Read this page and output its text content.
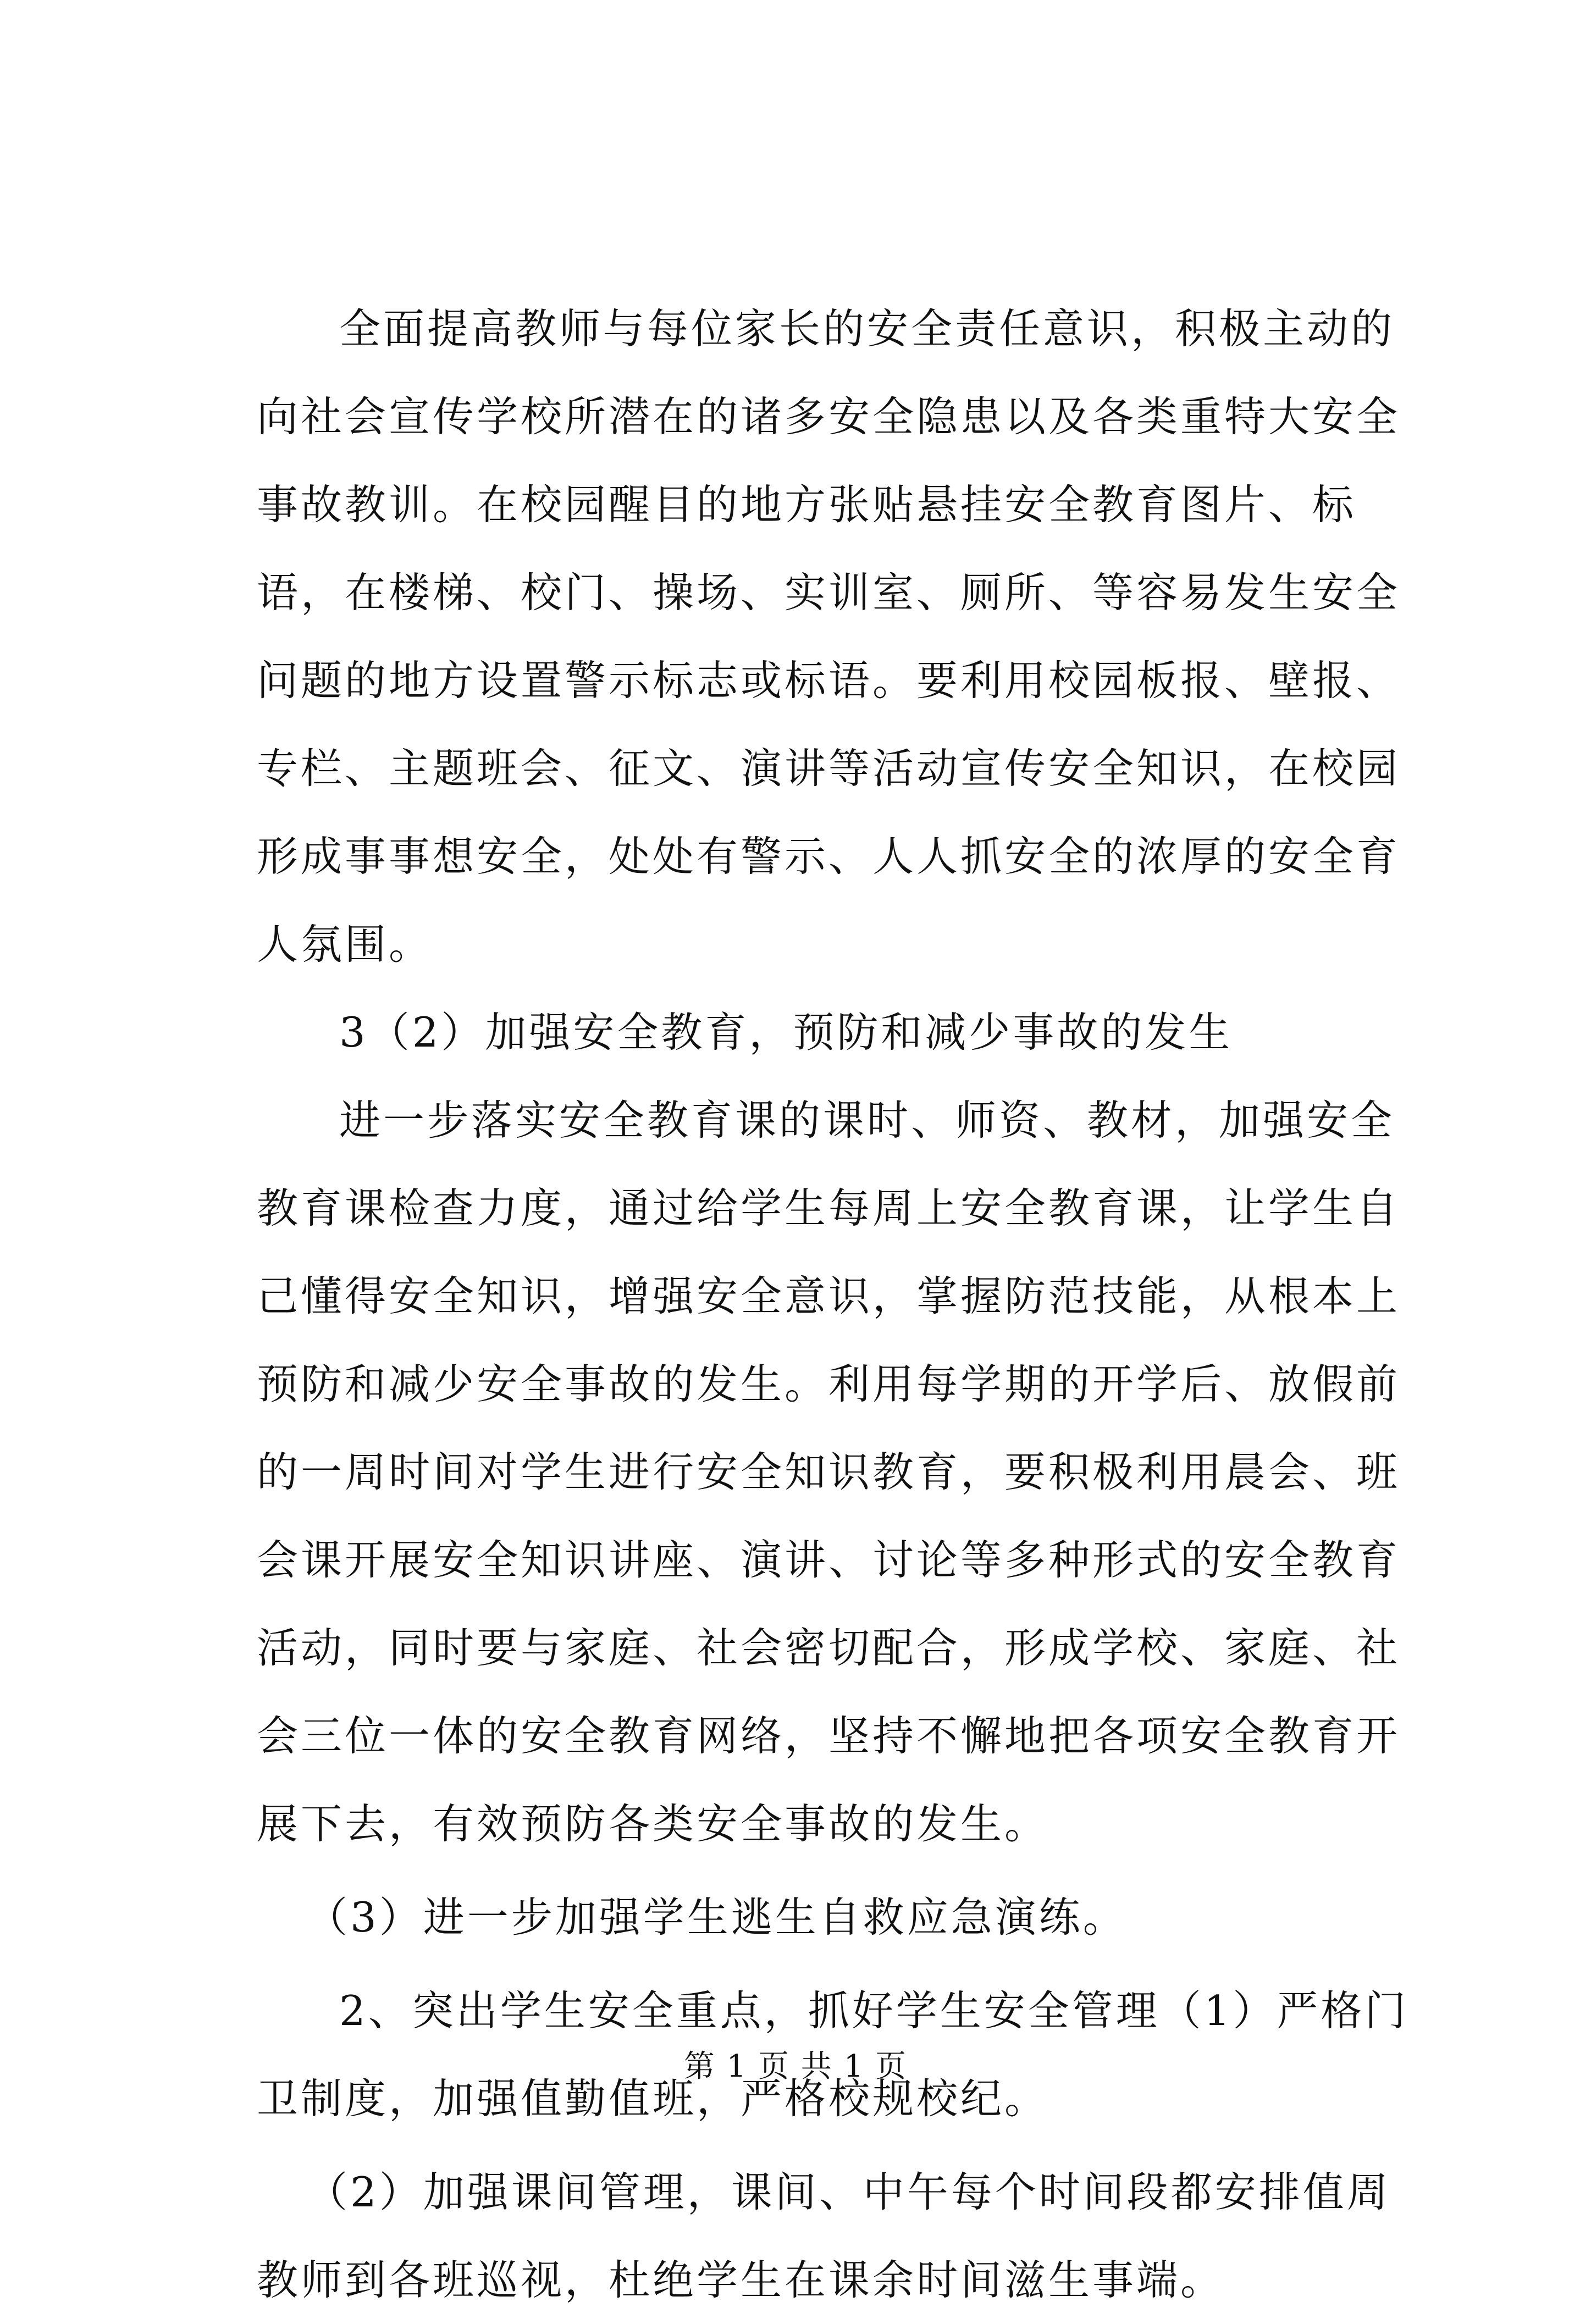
全面提高教师与每位家长的安全责任意识，积极主动的向社会宣传学校所潜在的诸多安全隐患以及各类重特大安全事故教训。在校园醒目的地方张贴悬挂安全教育图片、标语，在楼梯、校门、操场、实训室、厕所、等容易发生安全问题的地方设置警示标志或标语。要利用校园板报、壁报、专栏、主题班会、征文、演讲等活动宣传安全知识，在校园形成事事想安全，处处有警示、人人抓安全的浓厚的安全育人氛围。

3（2）加强安全教育，预防和减少事故的发生

进一步落实安全教育课的课时、师资、教材，加强安全教育课检查力度，通过给学生每周上安全教育课，让学生自己懂得安全知识，增强安全意识，掌握防范技能，从根本上预防和减少安全事故的发生。利用每学期的开学后、放假前的一周时间对学生进行安全知识教育，要积极利用晨会、班会课开展安全知识讲座、演讲、讨论等多种形式的安全教育活动，同时要与家庭、社会密切配合，形成学校、家庭、社会三位一体的安全教育网络，坚持不懈地把各项安全教育开展下去，有效预防各类安全事故的发生。

（3）进一步加强学生逃生自救应急演练。

2、突出学生安全重点，抓好学生安全管理（1）严格门卫制度，加强值勤值班，严格校规校纪。

（2）加强课间管理，课间、中午每个时间段都安排值周教师到各班巡视，杜绝学生在课余时间滋生事端。

第 1 页 共 1 页
